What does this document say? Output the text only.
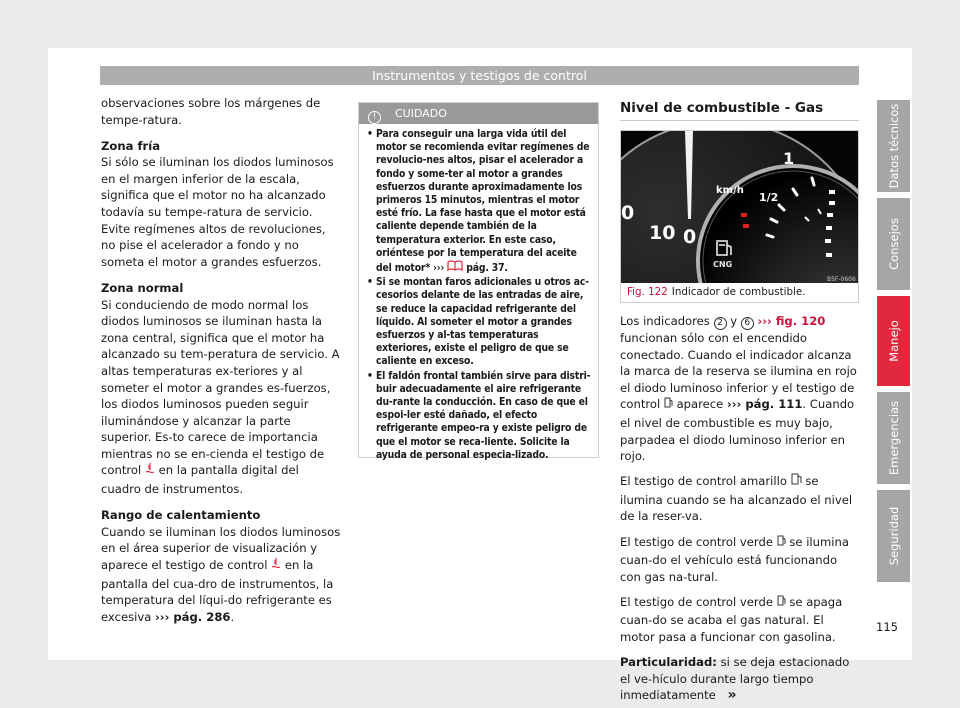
Instrumentos y testigos de control

observaciones sobre los márgenes de tempe-ratura.

Zona fría
Si sólo se iluminan los diodos luminosos en el margen inferior de la escala, significa que el motor no ha alcanzado todavía su tempe-ratura de servicio. Evite regímenes altos de revoluciones, no pise el acelerador a fondo y no someta el motor a grandes esfuerzos.

Zona normal
Si conduciendo de modo normal los diodos luminosos se iluminan hasta la zona central, significa que el motor ha alcanzado su tem-peratura de servicio. A altas temperaturas ex-teriores y al someter el motor a grandes es-fuerzos, los diodos luminosos pueden seguir iluminándose y alcanzar la parte superior. Es-to carece de importancia mientras no se en-cienda el testigo de control en la pantalla digital del cuadro de instrumentos.

Rango de calentamiento
Cuando se iluminan los diodos luminosos en el área superior de visualización y aparece el testigo de control en la pantalla del cua-dro de instrumentos, la temperatura del líqui-do refrigerante es excesiva ››› pág. 286.

! CUIDADO
• Para conseguir una larga vida útil del motor se recomienda evitar regímenes de revolucio-nes altos, pisar el acelerador a fondo y some-ter al motor a grandes esfuerzos durante aproximadamente los primeros 15 minutos, mientras el motor esté frío. La fase hasta que el motor está caliente depende también de la temperatura exterior. En este caso, oriéntese por la temperatura del aceite del motor* ››› pág. 37.
• Si se montan faros adicionales u otros ac-cesorios delante de las entradas de aire, se reduce la capacidad refrigerante del líquido. Al someter el motor a grandes esfuerzos y al-tas temperaturas exteriores, existe el peligro de que se caliente en exceso.
• El faldón frontal también sirve para distri-buir adecuadamente el aire refrigerante du-rante la conducción. En caso de que el espoi-ler esté dañado, el efecto refrigerante empeo-ra y existe peligro de que el motor se reca-liente. Solicite la ayuda de personal especia-lizado.
Nivel de combustible - Gas
1
1/2
km/h
0
10 0
CNG
B5F-0606
Fig. 122 Indicador de combustible.

Los indicadores 2 y 6 ››› fig. 120 funcionan sólo con el encendido conectado. Cuando el indicador alcanza la marca de la reserva se ilumina en rojo el diodo luminoso inferior y el testigo de control aparece ››› pág. 111. Cuando el nivel de combustible es muy bajo, parpadea el diodo luminoso inferior en rojo.

El testigo de control amarillo se ilumina cuando se ha alcanzado el nivel de la reser-va.

El testigo de control verde se ilumina cuan-do el vehículo está funcionando con gas na-tural.

El testigo de control verde se apaga cuan-do se acaba el gas natural. El motor pasa a funcionar con gasolina.

Particularidad: si se deja estacionado el ve-hículo durante largo tiempo inmediatamente »

Datos técnicos
Consejos
Manejo
Emergencias
Seguridad
115
